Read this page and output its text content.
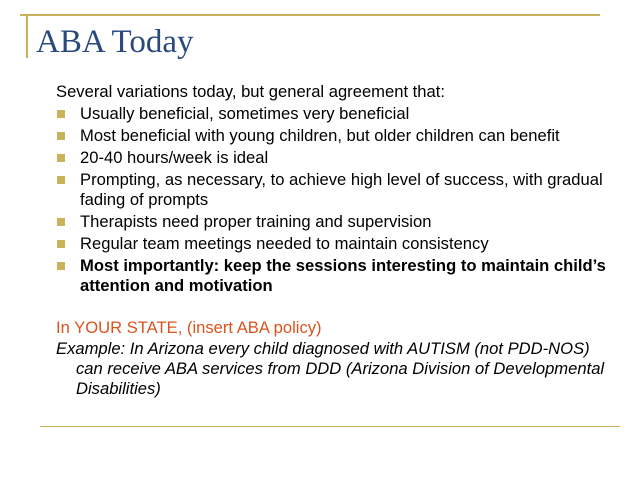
ABA Today
Several variations today, but general agreement that:
Usually beneficial, sometimes very beneficial
Most beneficial with young children, but older children can benefit
20-40 hours/week is ideal
Prompting, as necessary, to achieve high level of success, with gradual fading of prompts
Therapists need proper training and supervision
Regular team meetings needed to maintain consistency
Most importantly: keep the sessions interesting to maintain child’s attention and motivation
In YOUR STATE, (insert ABA policy)
Example: In Arizona every child diagnosed with AUTISM (not PDD-NOS) can receive ABA services from DDD (Arizona Division of Developmental Disabilities)
